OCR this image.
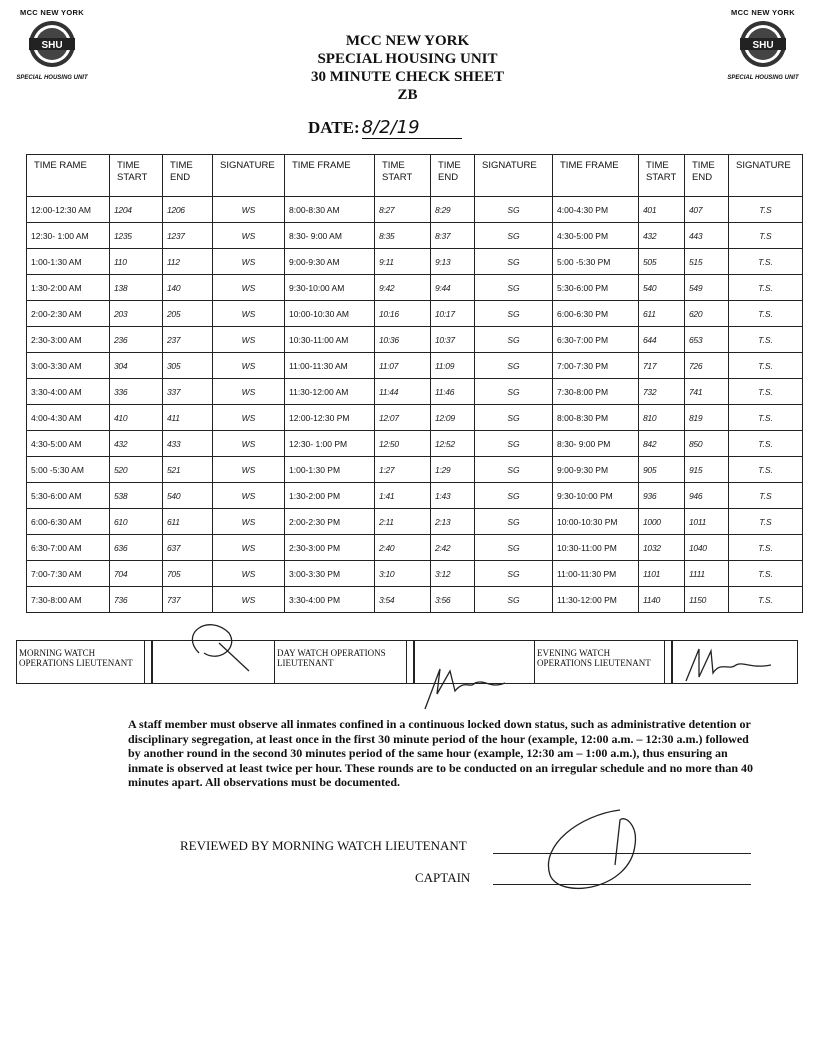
MCC NEW YORK
SHU
SPECIAL HOUSING UNIT
MCC NEW YORK
SHU
SPECIAL HOUSING UNIT
MCC NEW YORK
SPECIAL HOUSING UNIT
30 MINUTE CHECK SHEET
ZB
DATE: 8/2/19
TIME RAME	TIME START	TIME END	SIGNATURE	TIME FRAME	TIME START	TIME END	SIGNATURE	TIME FRAME	TIME START	TIME END	SIGNATURE
12:00-12:30 AM	1204	1206	WS	8:00-8:30 AM	8:27	8:29	SG	4:00-4:30 PM	401	407	T.S
12:30- 1:00 AM	1235	1237	WS	8:30- 9:00 AM	8:35	8:37	SG	4:30-5:00 PM	432	443	T.S
1:00-1:30 AM	110	112	WS	9:00-9:30 AM	9:11	9:13	SG	5:00 -5:30 PM	505	515	T.S.
1:30-2:00 AM	138	140	WS	9:30-10:00 AM	9:42	9:44	SG	5:30-6:00 PM	540	549	T.S.
2:00-2:30 AM	203	205	WS	10:00-10:30 AM	10:16	10:17	SG	6:00-6:30 PM	611	620	T.S.
2:30-3:00 AM	236	237	WS	10:30-11:00 AM	10:36	10:37	SG	6:30-7:00 PM	644	653	T.S.
3:00-3:30 AM	304	305	WS	11:00-11:30 AM	11:07	11:09	SG	7:00-7:30 PM	717	726	T.S.
3:30-4:00 AM	336	337	WS	11:30-12:00 AM	11:44	11:46	SG	7:30-8:00 PM	732	741	T.S.
4:00-4:30 AM	410	411	WS	12:00-12:30 PM	12:07	12:09	SG	8:00-8:30 PM	810	819	T.S.
4:30-5:00 AM	432	433	WS	12:30- 1:00 PM	12:50	12:52	SG	8:30- 9:00 PM	842	850	T.S.
5:00 -5:30 AM	520	521	WS	1:00-1:30 PM	1:27	1:29	SG	9:00-9:30 PM	905	915	T.S.
5:30-6:00 AM	538	540	WS	1:30-2:00 PM	1:41	1:43	SG	9:30-10:00 PM	936	946	T.S
6:00-6:30 AM	610	611	WS	2:00-2:30 PM	2:11	2:13	SG	10:00-10:30 PM	1000	1011	T.S
6:30-7:00 AM	636	637	WS	2:30-3:00 PM	2:40	2:42	SG	10:30-11:00 PM	1032	1040	T.S.
7:00-7:30 AM	704	705	WS	3:00-3:30 PM	3:10	3:12	SG	11:00-11:30 PM	1101	1111	T.S.
7:30-8:00 AM	736	737	WS	3:30-4:00 PM	3:54	3:56	SG	11:30-12:00 PM	1140	1150	T.S.
MORNING WATCH OPERATIONS LIEUTENANT
DAY WATCH OPERATIONS LIEUTENANT
EVENING WATCH OPERATIONS LIEUTENANT
A staff member must observe all inmates confined in a continuous locked down status, such as administrative detention or disciplinary segregation, at least once in the first 30 minute period of the hour (example, 12:00 a.m. – 12:30 a.m.) followed by another round in the second 30 minutes period of the same hour (example, 12:30 am – 1:00 a.m.), thus ensuring an inmate is observed at least twice per hour. These rounds are to be conducted on an irregular schedule and no more than 40 minutes apart. All observations must be documented.
REVIEWED BY MORNING WATCH LIEUTENANT
CAPTAIN
